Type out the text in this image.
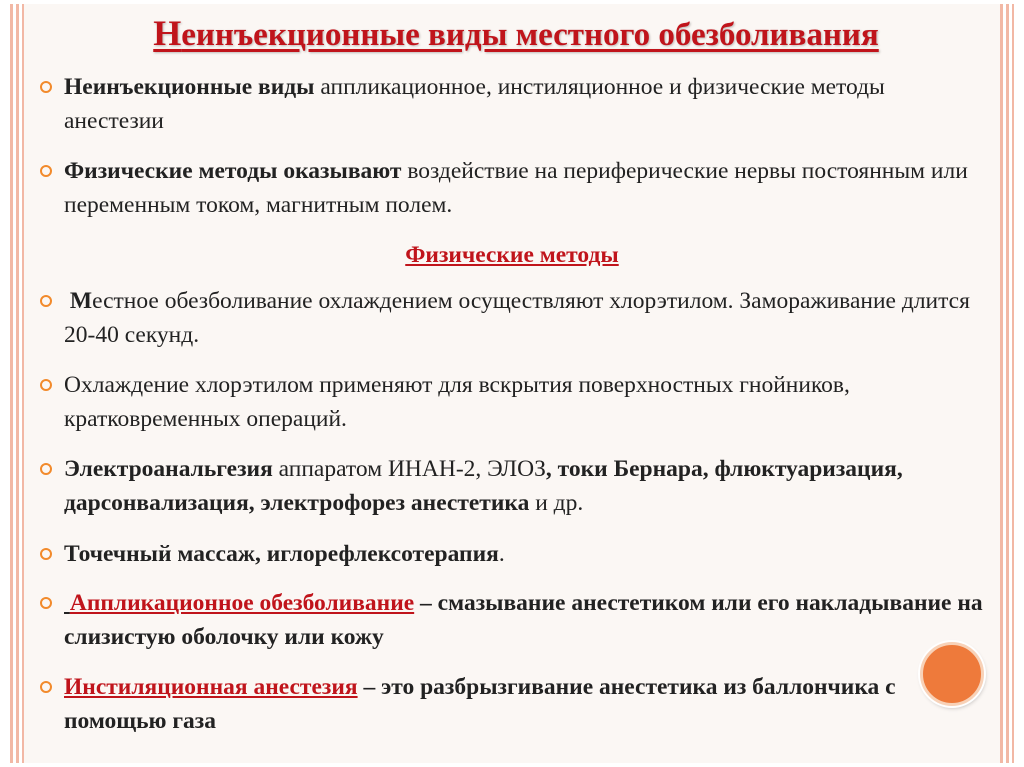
Неинъекционные виды местного обезболивания
Неинъекционные виды аппликационное, инстиляционное и физические методы анестезии
Физические методы оказывают воздействие на периферические нервы постоянным или переменным током, магнитным полем.
Физические методы
Местное обезболивание охлаждением осуществляют хлорэтилом. Замораживание длится 20-40 секунд.
Охлаждение хлорэтилом применяют для вскрытия поверхностных гнойников, кратковременных операций.
Электроанальгезия аппаратом ИНАН-2, ЭЛОЗ, токи Бернара, флюктуаризация, дарсонвализация, электрофорез анестетика и др.
Точечный массаж, иглорефлексотерапия.
Аппликационное обезболивание – смазывание анестетиком или его накладывание на слизистую оболочку или кожу
Инстиляционная анестезия – это разбрызгивание анестетика из баллончика с помощью газа
